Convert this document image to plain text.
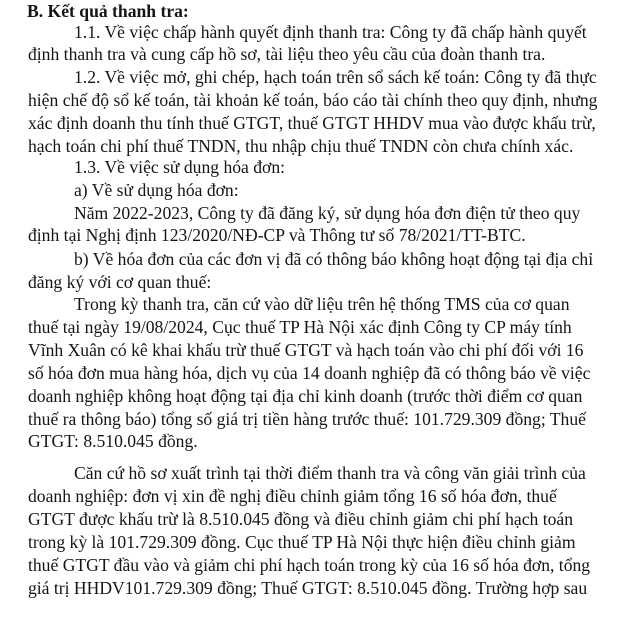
B. Kết quả thanh tra:
1.1. Về việc chấp hành quyết định thanh tra: Công ty đã chấp hành quyết
định thanh tra và cung cấp hồ sơ, tài liệu theo yêu cầu của đoàn thanh tra.
1.2. Về việc mở, ghi chép, hạch toán trên sổ sách kế toán: Công ty đã thực
hiện chế độ sổ kế toán, tài khoản kế toán, báo cáo tài chính theo quy định, nhưng
xác định doanh thu tính thuế GTGT, thuế GTGT HHDV mua vào được khấu trừ,
hạch toán chi phí thuế TNDN, thu nhập chịu thuế TNDN còn chưa chính xác.
1.3. Về việc sử dụng hóa đơn:
a) Về sử dụng hóa đơn:
Năm 2022-2023, Công ty đã đăng ký, sử dụng hóa đơn điện tử theo quy
định tại Nghị định 123/2020/NĐ-CP và Thông tư số 78/2021/TT-BTC.
b) Về hóa đơn của các đơn vị đã có thông báo không hoạt động tại địa chỉ
đăng ký với cơ quan thuế:
Trong kỳ thanh tra, căn cứ vào dữ liệu trên hệ thống TMS của cơ quan
thuế tại ngày 19/08/2024, Cục thuế TP Hà Nội xác định Công ty CP máy tính
Vĩnh Xuân có kê khai khấu trừ thuế GTGT và hạch toán vào chi phí đối với 16
số hóa đơn mua hàng hóa, dịch vụ của 14 doanh nghiệp đã có thông báo về việc
doanh nghiệp không hoạt động tại địa chỉ kinh doanh (trước thời điểm cơ quan
thuế ra thông báo) tổng số giá trị tiền hàng trước thuế: 101.729.309 đồng; Thuế
GTGT: 8.510.045 đồng.
Căn cứ hồ sơ xuất trình tại thời điểm thanh tra và công văn giải trình của
doanh nghiệp: đơn vị xin đề nghị điều chỉnh giảm tổng 16 số hóa đơn, thuế
GTGT được khấu trừ là 8.510.045 đồng và điều chỉnh giảm chi phí hạch toán
trong kỳ là 101.729.309 đồng. Cục thuế TP Hà Nội thực hiện điều chỉnh giảm
thuế GTGT đầu vào và giảm chi phí hạch toán trong kỳ của 16 số hóa đơn, tổng
giá trị HHDV101.729.309 đồng; Thuế GTGT: 8.510.045 đồng. Trường hợp sau
